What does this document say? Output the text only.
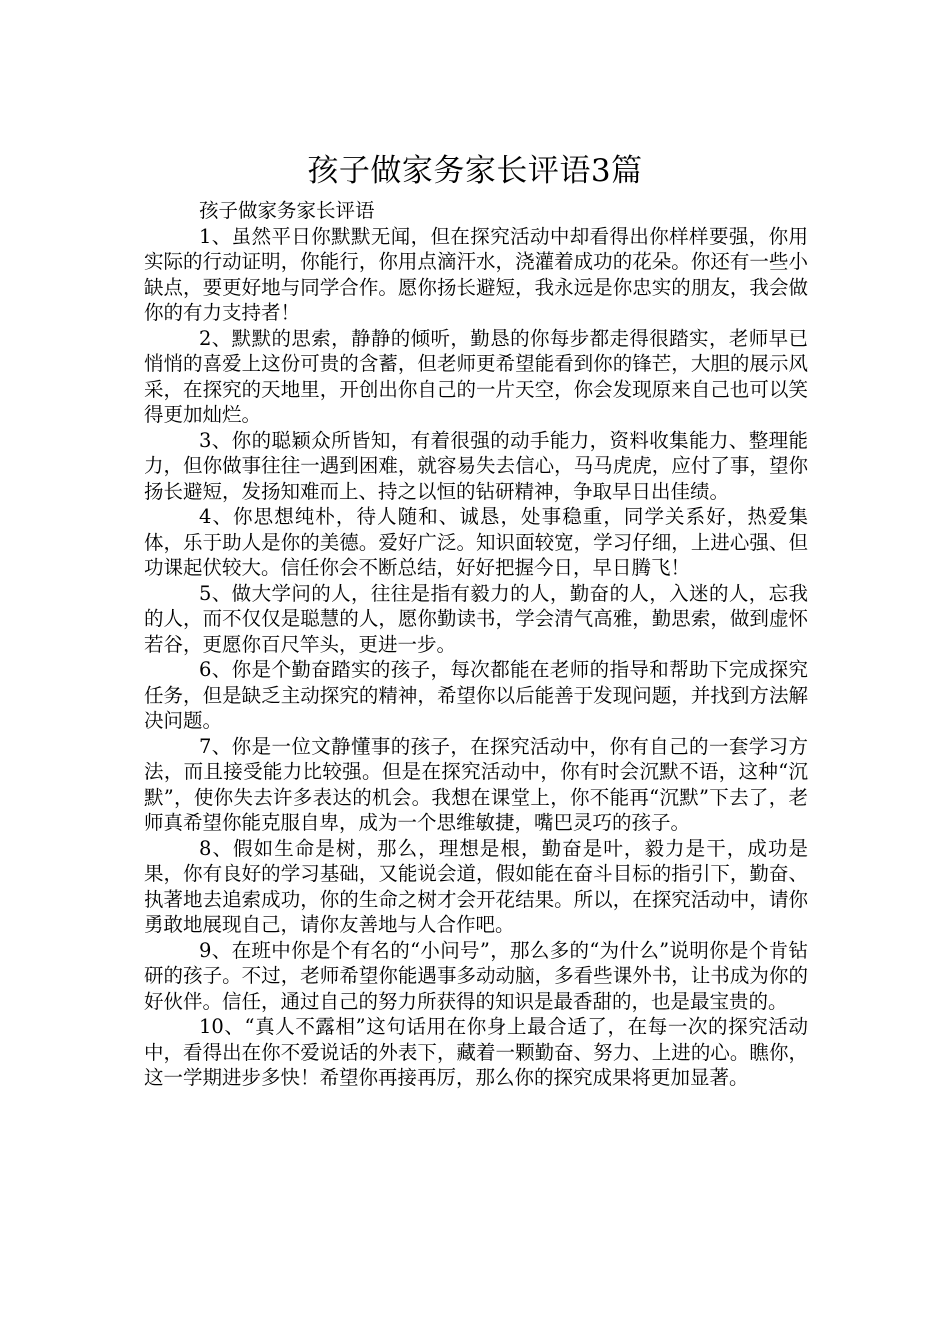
孩子做家务家长评语3篇

孩子做家务家长评语

1、虽然平日你默默无闻，但在探究活动中却看得出你样样要强，你用实际的行动证明，你能行，你用点滴汗水，浇灌着成功的花朵。你还有一些小缺点，要更好地与同学合作。愿你扬长避短，我永远是你忠实的朋友，我会做你的有力支持者！

2、默默的思索，静静的倾听，勤恳的你每步都走得很踏实，老师早已悄悄的喜爱上这份可贵的含蓄，但老师更希望能看到你的锋芒，大胆的展示风采，在探究的天地里，开创出你自己的一片天空，你会发现原来自己也可以笑得更加灿烂。

3、你的聪颖众所皆知，有着很强的动手能力，资料收集能力、整理能力，但你做事往往一遇到困难，就容易失去信心，马马虎虎，应付了事，望你扬长避短，发扬知难而上、持之以恒的钻研精神，争取早日出佳绩。

4、你思想纯朴，待人随和、诚恳，处事稳重，同学关系好，热爱集体，乐于助人是你的美德。爱好广泛。知识面较宽，学习仔细，上进心强、但功课起伏较大。信任你会不断总结，好好把握今日，早日腾飞！

5、做大学问的人，往往是指有毅力的人，勤奋的人，入迷的人，忘我的人，而不仅仅是聪慧的人，愿你勤读书，学会清气高雅，勤思索，做到虚怀若谷，更愿你百尺竿头，更进一步。

6、你是个勤奋踏实的孩子，每次都能在老师的指导和帮助下完成探究任务，但是缺乏主动探究的精神，希望你以后能善于发现问题，并找到方法解决问题。

7、你是一位文静懂事的孩子，在探究活动中，你有自己的一套学习方法，而且接受能力比较强。但是在探究活动中，你有时会沉默不语，这种“沉默”，使你失去许多表达的机会。我想在课堂上，你不能再“沉默”下去了，老师真希望你能克服自卑，成为一个思维敏捷，嘴巴灵巧的孩子。

8、假如生命是树，那么，理想是根，勤奋是叶，毅力是干，成功是果，你有良好的学习基础，又能说会道，假如能在奋斗目标的指引下，勤奋、执著地去追索成功，你的生命之树才会开花结果。所以，在探究活动中，请你勇敢地展现自己，请你友善地与人合作吧。

9、在班中你是个有名的“小问号”，那么多的“为什么”说明你是个肯钻研的孩子。不过，老师希望你能遇事多动动脑，多看些课外书，让书成为你的好伙伴。信任，通过自己的努力所获得的知识是最香甜的，也是最宝贵的。

10、“真人不露相”这句话用在你身上最合适了，在每一次的探究活动中，看得出在你不爱说话的外表下，藏着一颗勤奋、努力、上进的心。瞧你，这一学期进步多快！希望你再接再厉，那么你的探究成果将更加显著。
